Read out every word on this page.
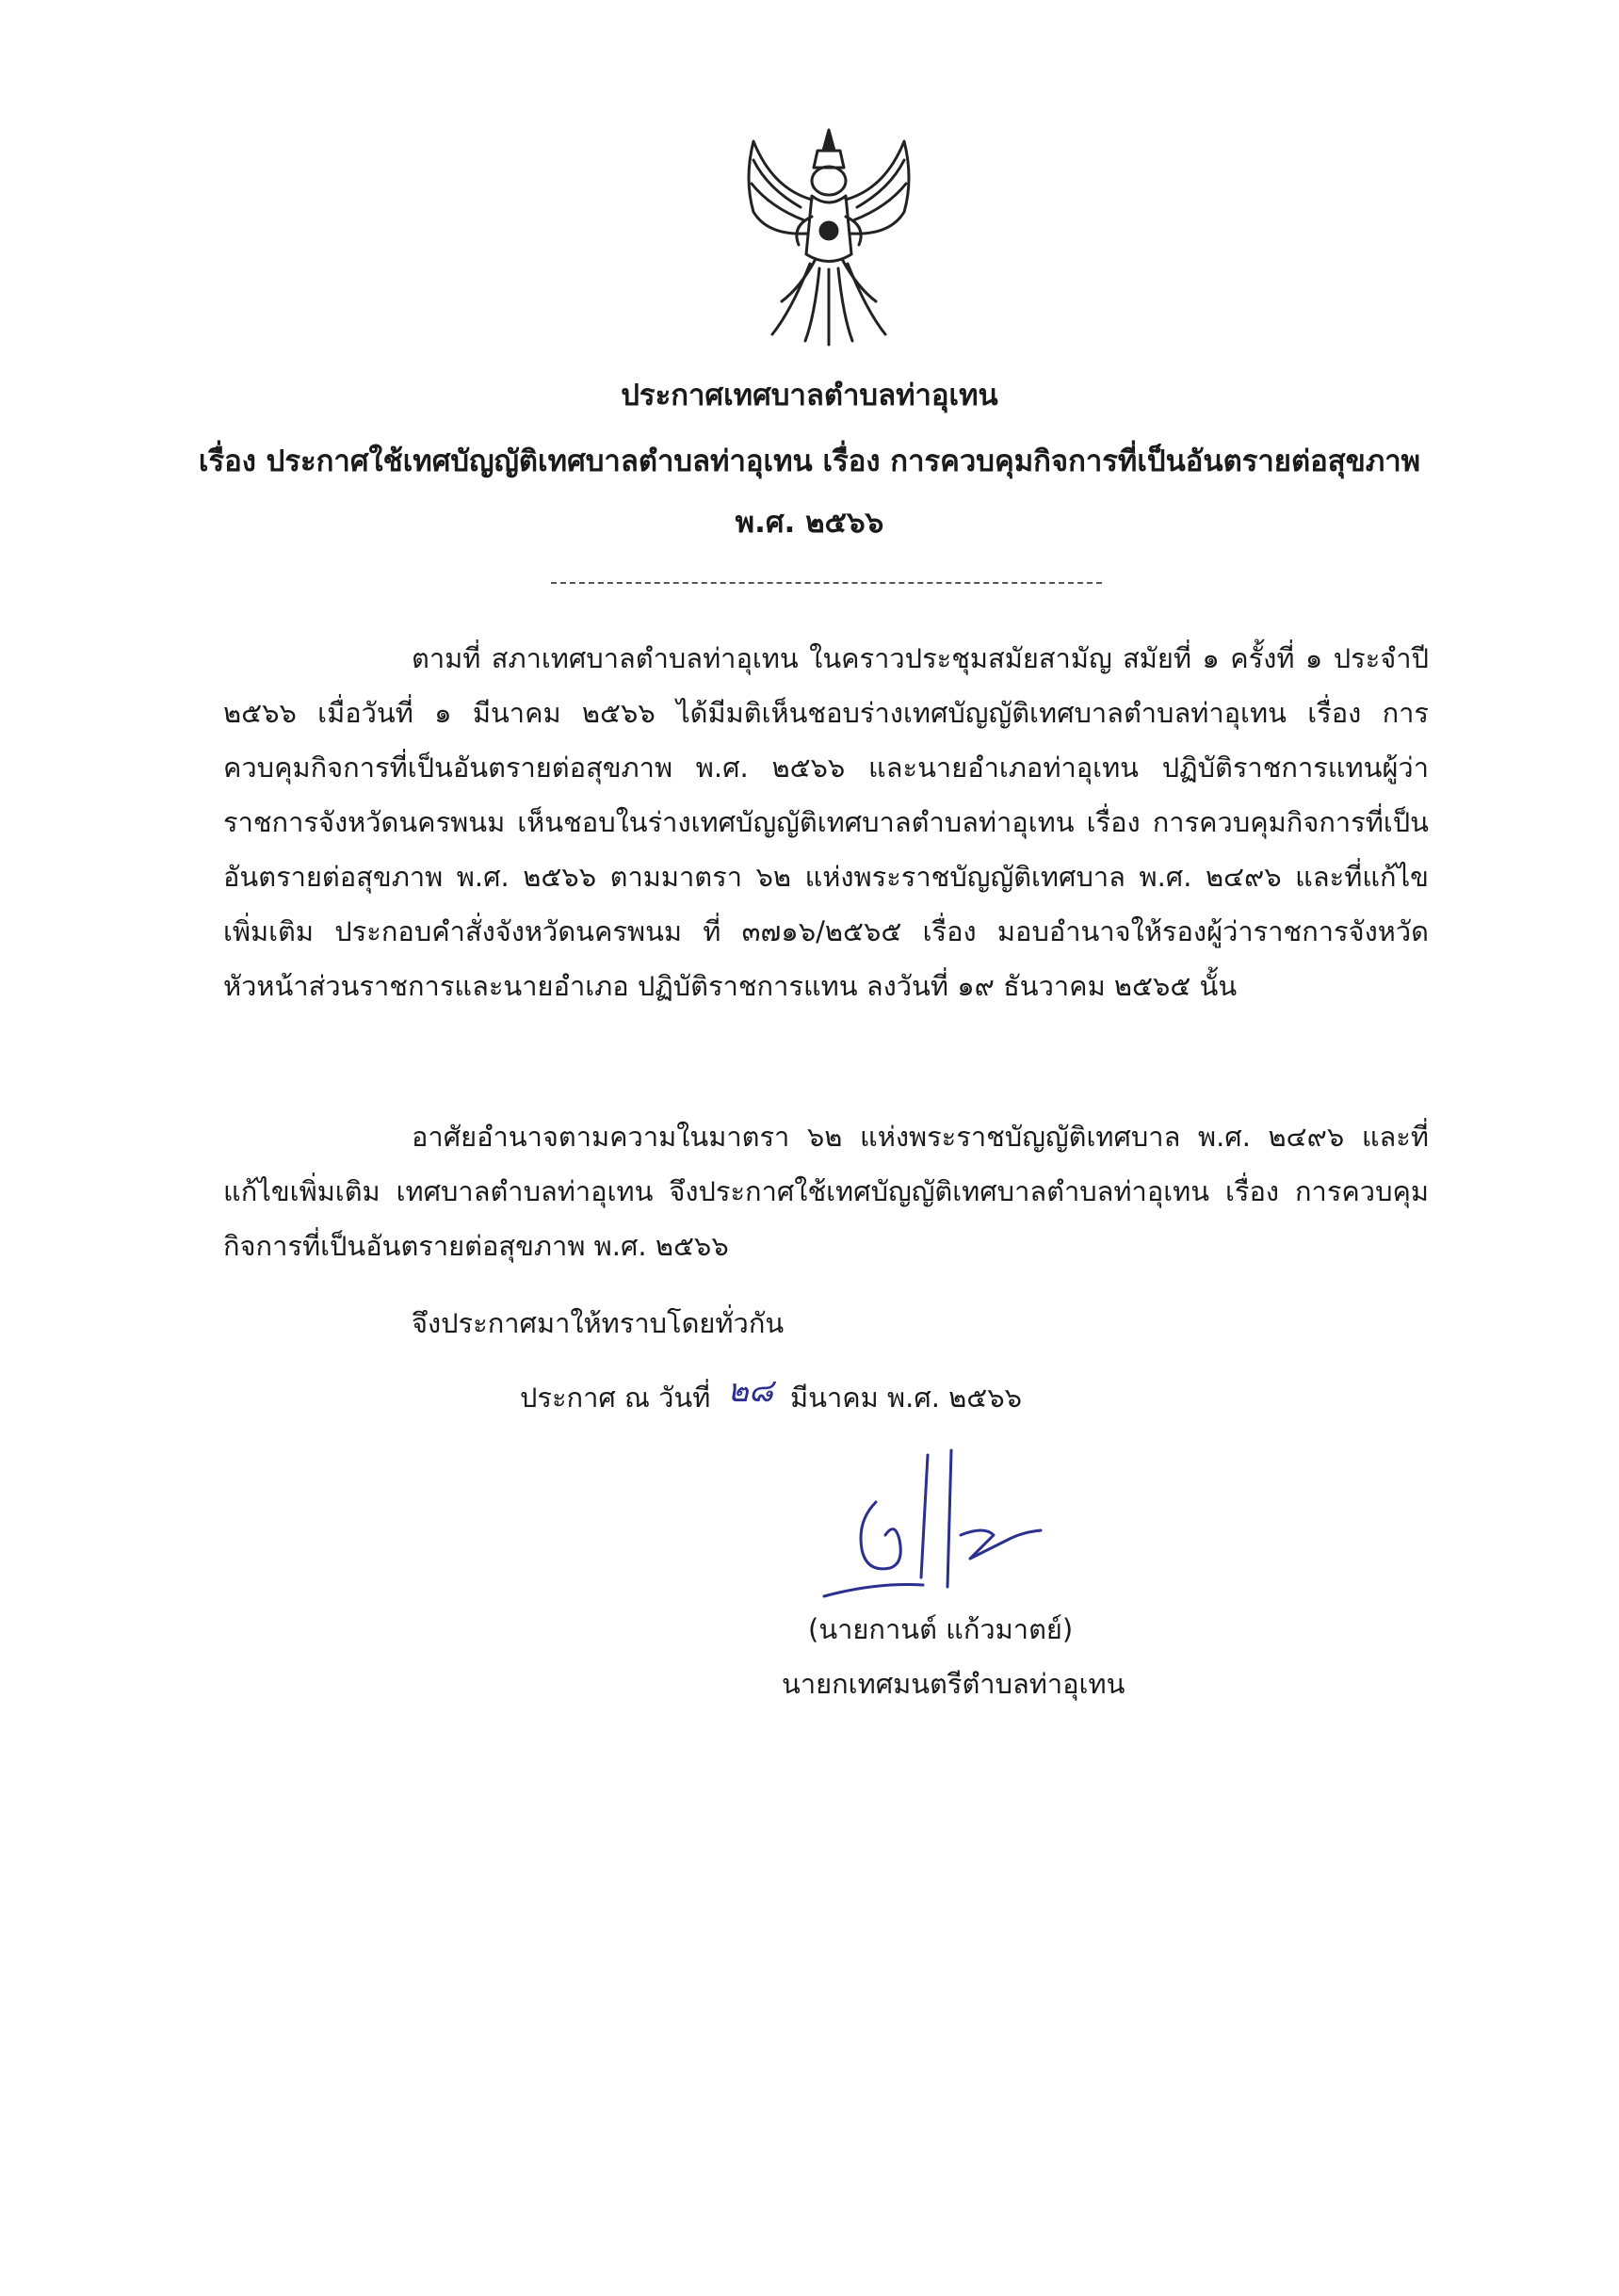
ประกาศเทศบาลตำบลท่าอุเทน
เรื่อง ประกาศใช้เทศบัญญัติเทศบาลตำบลท่าอุเทน เรื่อง การควบคุมกิจการที่เป็นอันตรายต่อสุขภาพ
พ.ศ. ๒๕๖๖

ตามที่ สภาเทศบาลตำบลท่าอุเทน ในคราวประชุมสมัยสามัญ สมัยที่ ๑ ครั้งที่ ๑ ประจำปี ๒๕๖๖ เมื่อวันที่ ๑ มีนาคม ๒๕๖๖ ได้มีมติเห็นชอบร่างเทศบัญญัติเทศบาลตำบลท่าอุเทน เรื่อง การควบคุมกิจการที่เป็นอันตรายต่อสุขภาพ พ.ศ. ๒๕๖๖ และนายอำเภอท่าอุเทน ปฏิบัติราชการแทนผู้ว่าราชการจังหวัดนครพนม เห็นชอบในร่างเทศบัญญัติเทศบาลตำบลท่าอุเทน เรื่อง การควบคุมกิจการที่เป็นอันตรายต่อสุขภาพ พ.ศ. ๒๕๖๖ ตามมาตรา ๖๒ แห่งพระราชบัญญัติเทศบาล พ.ศ. ๒๔๙๖ และที่แก้ไขเพิ่มเติม ประกอบคำสั่งจังหวัดนครพนม ที่ ๓๗๑๖/๒๕๖๕ เรื่อง มอบอำนาจให้รองผู้ว่าราชการจังหวัด หัวหน้าส่วนราชการและนายอำเภอ ปฏิบัติราชการแทน ลงวันที่ ๑๙ ธันวาคม ๒๕๖๕ นั้น

อาศัยอำนาจตามความในมาตรา ๖๒ แห่งพระราชบัญญัติเทศบาล พ.ศ. ๒๔๙๖ และที่แก้ไขเพิ่มเติม เทศบาลตำบลท่าอุเทน จึงประกาศใช้เทศบัญญัติเทศบาลตำบลท่าอุเทน เรื่อง การควบคุมกิจการที่เป็นอันตรายต่อสุขภาพ พ.ศ. ๒๕๖๖

จึงประกาศมาให้ทราบโดยทั่วกัน
ประกาศ ณ วันที่ ๒๘ มีนาคม พ.ศ. ๒๕๖๖
(นายกานต์ แก้วมาตย์)
นายกเทศมนตรีตำบลท่าอุเทน
